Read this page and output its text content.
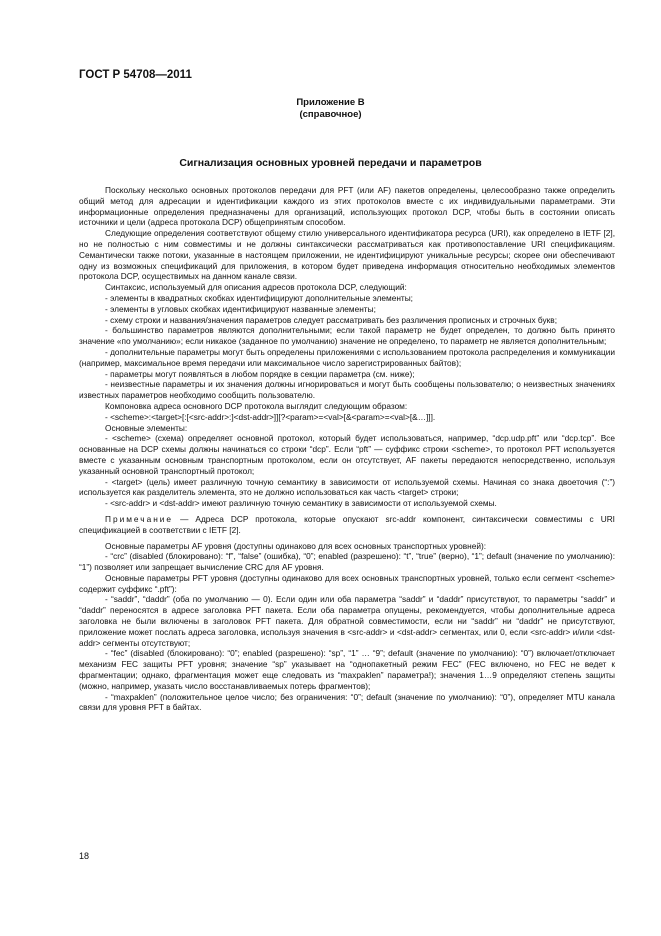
ГОСТ Р 54708—2011
Приложение В
(справочное)
Сигнализация основных уровней передачи и параметров

Поскольку несколько основных протоколов передачи для PFT (или AF) пакетов определены, целесообразно также определить общий метод для адресации и идентификации каждого из этих протоколов вместе с их индивидуальными параметрами. Эти информационные определения предназначены для организаций, использующих протокол DCP, чтобы быть в состоянии описать источники и цели (адреса протокола DCP) общепринятым способом.

Следующие определения соответствуют общему стилю универсального идентификатора ресурса (URI), как определено в IETF [2], но не полностью с ним совместимы и не должны синтаксически рассматриваться как противопоставление URI спецификациям. Семантически также потоки, указанные в настоящем приложении, не идентифицируют уникальные ресурсы; скорее они обеспечивают одну из возможных спецификаций для приложения, в котором будет приведена информация относительно необходимых элементов протокола DCP, осуществимых на данном канале связи.

Синтаксис, используемый для описания адресов протокола DCP, следующий:

- элементы в квадратных скобках идентифицируют дополнительные элементы;

- элементы в угловых скобках идентифицируют названные элементы;

- схему строки и названия/значения параметров следует рассматривать без различения прописных и строчных букв;

- большинство параметров являются дополнительными; если такой параметр не будет определен, то должно быть принято значение «по умолчанию»; если никакое (заданное по умолчанию) значение не определено, то параметр не является дополнительным;

- дополнительные параметры могут быть определены приложениями с использованием протокола распределения и коммуникации (например, максимальное время передачи или максимальное число зарегистрированных байтов);

- параметры могут появляться в любом порядке в секции параметра (см. ниже);

- неизвестные параметры и их значения должны игнорироваться и могут быть сообщены пользователю; о неизвестных значениях известных параметров необходимо сообщить пользователю.

Компоновка адреса основного DCP протокола выглядит следующим образом:

- <scheme>:<target>[:[<src-addr>:]<dst-addr>]][?<param>=<val>[&<param>=<val>[&…]]].

Основные элементы:

- <scheme> (схема) определяет основной протокол, который будет использоваться, например, “dcp.udp.pft” или “dcp.tcp”. Все основанные на DCP схемы должны начинаться со строки “dcp”. Если “pft” — суффикс строки <scheme>, то протокол PFT используется вместе с указанным основным транспортным протоколом, если он отсутствует, AF пакеты передаются непосредственно, используя указанный основной транспортный протокол;

- <target> (цель) имеет различную точную семантику в зависимости от используемой схемы. Начиная со знака двоеточия (“:”) используется как разделитель элемента, это не должно использоваться как часть <target> строки;

- <src-addr> и <dst-addr> имеют различную точную семантику в зависимости от используемой схемы.

Примечание — Адреса DCP протокола, которые опускают src-addr компонент, синтаксически совместимы с URI спецификацией в соответствии с IETF [2].

Основные параметры AF уровня (доступны одинаково для всех основных транспортных уровней):

- “crc” (disabled (блокировано): “f”, “false” (ошибка), “0”; enabled (разрешено): “t”, “true” (верно), “1”; default (значение по умолчанию): “1”) позволяет или запрещает вычисление CRC для AF уровня.

Основные параметры PFT уровня (доступны одинаково для всех основных транспортных уровней, только если сегмент <scheme> содержит суффикс “.pft”):

- “saddr”, “daddr” (оба по умолчанию — 0). Если один или оба параметра “saddr” и “daddr” присутствуют, то параметры “saddr” и “daddr” переносятся в адресе заголовка PFT пакета. Если оба параметра опущены, рекомендуется, чтобы дополнительные адреса заголовка не были включены в заголовок PFT пакета. Для обратной совместимости, если ни “saddr” ни “daddr” не присутствуют, приложение может послать адреса заголовка, используя значения в <src-addr> и <dst-addr> сегментах, или 0, если <src-addr> и/или <dst-addr> сегменты отсутствуют;

- “fec” (disabled (блокировано): “0”; enabled (разрешено): “sp”, “1” … “9”; default (значение по умолчанию): “0”) включает/отключает механизм FEC защиты PFT уровня; значение “sp” указывает на “однопакетный режим FEC” (FEC включено, но FEC не ведет к фрагментации; однако, фрагментация может еще следовать из “maxpaklen” параметра!); значения 1…9 определяют степень защиты (можно, например, указать число восстанавливаемых потерь фрагментов);

- “maxpaklen” (положительное целое число; без ограничения: “0”; default (значение по умолчанию): “0”), определяет MTU канала связи для уровня PFT в байтах.

18
